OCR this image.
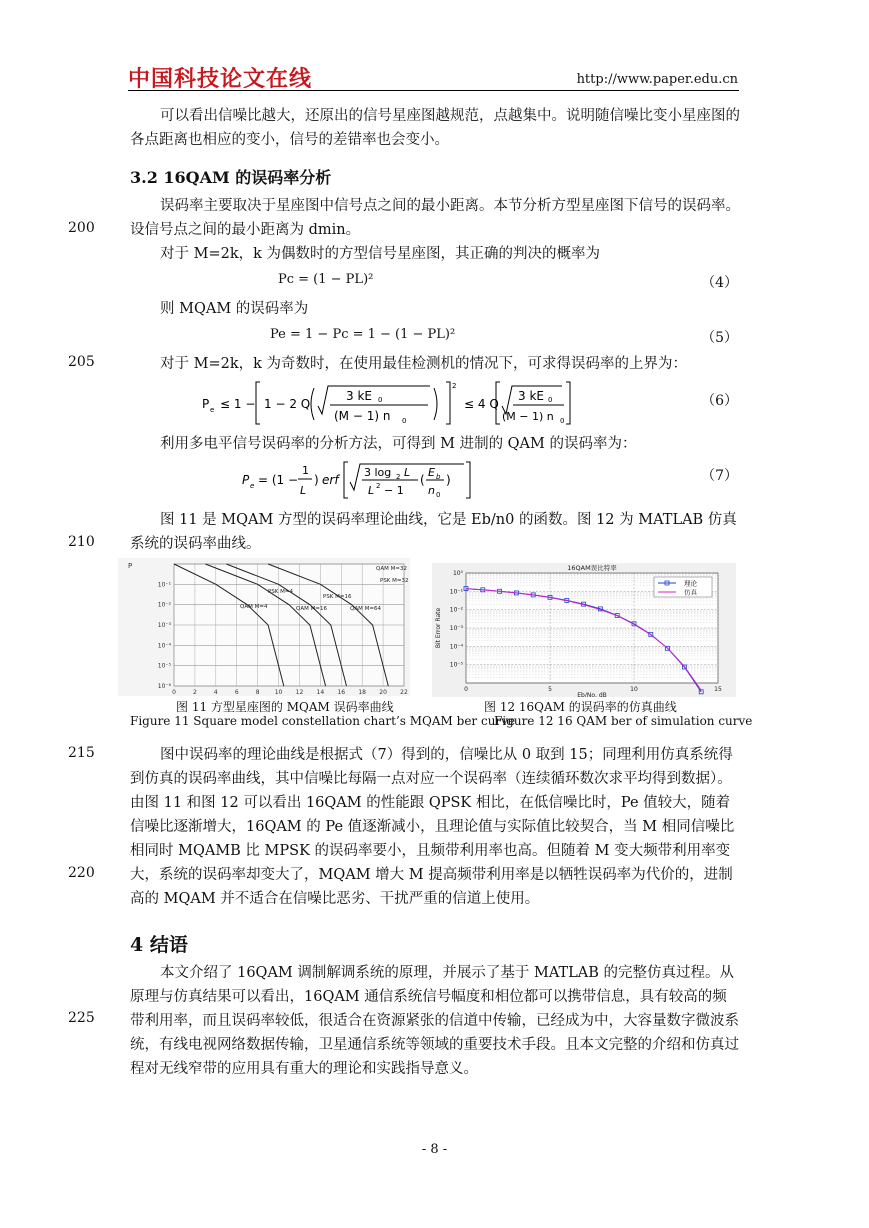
中国科技论文在线	http://www.paper.edu.cn
可以看出信噪比越大，还原出的信号星座图越规范，点越集中。说明随信噪比变小星座图的各点距离也相应的变小，信号的差错率也会变小。
3.2 16QAM 的误码率分析
误码率主要取决于星座图中信号点之间的最小距离。本节分析方型星座图下信号的误码率。设信号点之间的最小距离为 dmin。
对于 M=2k，k 为偶数时的方型信号星座图，其正确的判决的概率为
Pc = (1 − PL)²	（4）
则 MQAM 的误码率为
Pe = 1 − Pc = 1 − (1 − PL)²	（5）
对于 M=2k，k 为奇数时，在使用最佳检测机的情况下，可求得误码率的上界为：
P e ≤ 1 − 1 − 2 Q
3 kE 0
(M − 1) n 0
2
≤ 4 Q
3 kE 0
(M − 1) n 0
（6）
利用多电平信号误码率的分析方法，可得到 M 进制的 QAM 的误码率为：
P e = (1 −
1
L
) erf
3 log 2 L
L 2 − 1
(
E b
n 0
)	（7）
图 11 是 MQAM 方型的误码率理论曲线，它是 Eb/n0 的函数。图 12 为 MATLAB 仿真系统的误码率曲线。
0	2	4	6	8	10 12 14 16 18 20 22
10⁻¹
10⁻²
10⁻³
10⁻⁴
10⁻⁵
10⁻⁶
P
QAM M=4
PSK M=4
QAM M=16
PSK M=16
QAM M=64
PSK M=32
QAM M=32	16QAM误比特率
10⁰
10⁻¹
10⁻²
10⁻³
10⁻⁴
10⁻⁵
0	5	10	15
Eb/No, dB
Bit Error Rate
理论
仿真
图 11 方型星座图的 MQAM 误码率曲线
Figure 11 Square model constellation chart’s MQAM ber curve
图 12 16QAM 的误码率的仿真曲线
Figure 12 16 QAM ber of simulation curve
图中误码率的理论曲线是根据式（7）得到的，信噪比从 0 取到 15；同理利用仿真系统得到仿真的误码率曲线，其中信噪比每隔一点对应一个误码率（连续循环数次求平均得到数据）。由图 11 和图 12 可以看出 16QAM 的性能跟 QPSK 相比，在低信噪比时，Pe 值较大，随着信噪比逐渐增大，16QAM 的 Pe 值逐渐减小，且理论值与实际值比较契合，当 M 相同信噪比相同时 MQAMB 比 MPSK 的误码率要小，且频带利用率也高。但随着 M 变大频带利用率变大，系统的误码率却变大了，MQAM 增大 M 提高频带利用率是以牺牲误码率为代价的，进制高的 MQAM 并不适合在信噪比恶劣、干扰严重的信道上使用。
4 结语
本文介绍了 16QAM 调制解调系统的原理，并展示了基于 MATLAB 的完整仿真过程。从原理与仿真结果可以看出，16QAM 通信系统信号幅度和相位都可以携带信息，具有较高的频带利用率，而且误码率较低，很适合在资源紧张的信道中传输，已经成为中，大容量数字微波系统，有线电视网络数据传输，卫星通信系统等领域的重要技术手段。且本文完整的介绍和仿真过程对无线窄带的应用具有重大的理论和实践指导意义。
200
205
210
215
220
225
- 8 -
